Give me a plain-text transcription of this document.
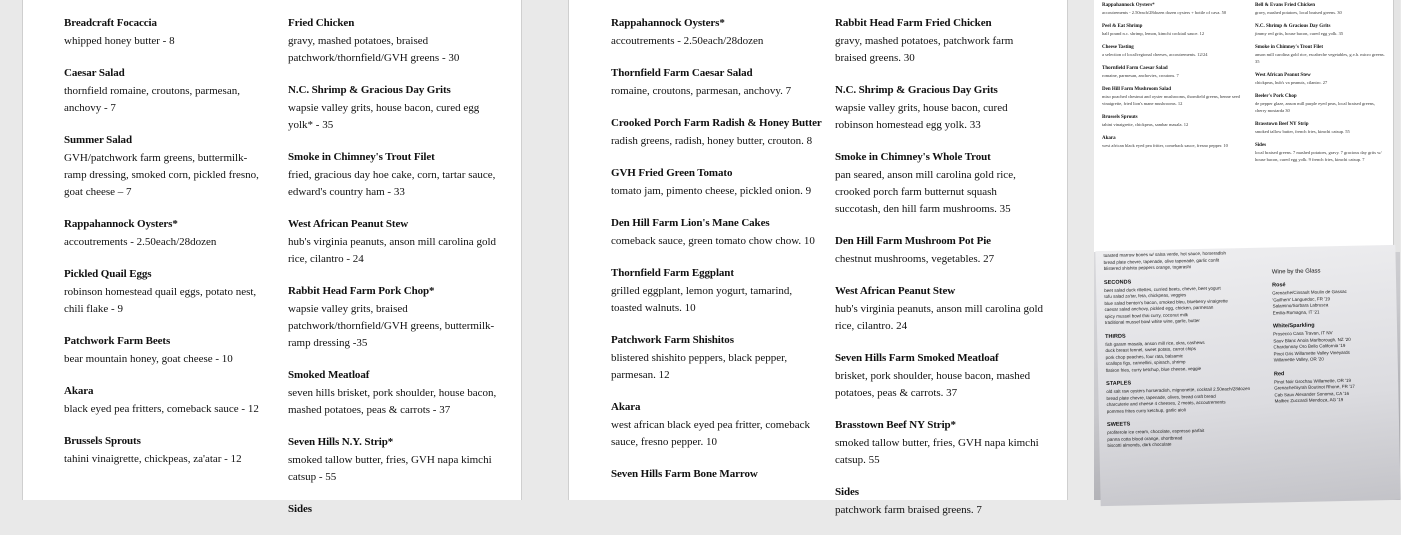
Breadcraft Focaccia
whipped honey butter - 8
Caesar Salad
thornfield romaine, croutons, parmesan, anchovy - 7
Summer Salad
GVH/patchwork farm greens, buttermilk-ramp dressing, smoked corn, pickled fresno, goat cheese – 7
Rappahannock Oysters*
accoutrements - 2.50each/28dozen
Pickled Quail Eggs
robinson homestead quail eggs, potato nest, chili flake - 9
Patchwork Farm Beets
bear mountain honey, goat cheese - 10
Akara
black eyed pea fritters, comeback sauce - 12
Brussels Sprouts
tahini vinaigrette, chickpeas, za'atar - 12
Fried Chicken
gravy, mashed potatoes, braised patchwork/thornfield/GVH greens - 30
N.C. Shrimp & Gracious Day Grits
wapsie valley grits, house bacon, cured egg yolk* - 35
Smoke in Chimney's Trout Filet
fried, gracious day hoe cake, corn, tartar sauce, edward's country ham - 33
West African Peanut Stew
hub's virginia peanuts, anson mill carolina gold rice, cilantro - 24
Rabbit Head Farm Pork Chop*
wapsie valley grits, braised patchwork/thornfield/GVH greens, buttermilk-ramp dressing -35
Smoked Meatloaf
seven hills brisket, pork shoulder, house bacon, mashed potatoes, peas & carrots - 37
Seven Hills N.Y. Strip*
smoked tallow butter, fries, GVH napa kimchi catsup - 55
Sides
Rappahannock Oysters*
accoutrements - 2.50each/28dozen
Thornfield Farm Caesar Salad
romaine, croutons, parmesan, anchovy. 7
Crooked Porch Farm Radish & Honey Butter
radish greens, radish, honey butter, crouton. 8
GVH Fried Green Tomato
tomato jam, pimento cheese, pickled onion. 9
Den Hill Farm Lion's Mane Cakes
comeback sauce, green tomato chow chow. 10
Thornfield Farm Eggplant
grilled eggplant, lemon yogurt, tamarind, toasted walnuts. 10
Patchwork Farm Shishitos
blistered shishito peppers, black pepper, parmesan. 12
Akara
west african black eyed pea fritter, comeback sauce, fresno pepper. 10
Seven Hills Farm Bone Marrow
Rabbit Head Farm Fried Chicken
gravy, mashed potatoes, patchwork farm braised greens. 30
N.C. Shrimp & Gracious Day Grits
wapsie valley grits, house bacon, cured robinson homestead egg yolk. 33
Smoke in Chimney's Whole Trout
pan seared, anson mill carolina gold rice, crooked porch farm butternut squash succotash, den hill farm mushrooms. 35
Den Hill Farm Mushroom Pot Pie
chestnut mushrooms, vegetables. 27
West African Peanut Stew
hub's virginia peanuts, anson mill carolina gold rice, cilantro. 24
Seven Hills Farm Smoked Meatloaf
brisket, pork shoulder, house bacon, mashed potatoes, peas & carrots. 37
Brasstown Beef NY Strip*
smoked tallow butter, fries, GVH napa kimchi catsup. 55
Sides
patchwork farm braised greens. 7
Rappahannock Oysters*
accoutrements - 2.50each/28dozen dozen oysters + bottle of cava. 50
Peel & Eat Shrimp
half pound n.c. shrimp, lemon, kimchi cocktail sauce. 12
Cheese Tasting
a selection of local/regional cheeses, accoutrements. 12/24
Thornfield Farm Caesar Salad
romaine, parmesan, anchovies, croutons. 7
Den Hill Farm Mushroom Salad
miso poached chestnut and oyster mushrooms, thornfield greens, benne seed vinaigrette, fried lion's mane mushrooms. 12
Brussels Sprouts
tahini vinaigrette, chickpeas, sambar masala. 12
Akara
west african black eyed pea fritter, comeback sauce, fresno pepper. 10
Bell & Evans Fried Chicken
gravy, mashed potatoes, local braised greens. 30
N.C. Shrimp & Gracious Day Grits
jimmy red grits, house bacon, cured egg yolk. 35
Smoke in Chimney's Trout Filet
anson mill carolina gold rice, escabeche vegetables, g.v.h. micro greens. 35
West African Peanut Stew
chickpeas, hub's va peanuts, cilantro. 27
Beeler's Pork Chop
de pepper glaze, anson mill purple eyed peas, local braised greens, cherry mostarda 30
Brasstown Beef NY Strip
smoked tallow butter, french fries, kimchi catsup. 55
Sides
local braised greens. 7 mashed potatoes, gravy. 7 gracious day grits w/ house bacon, cured egg yolk. 9 french fries, kimchi catsup. 7
toasted marrow bones w/ salsa verde, hot sauce, horseradish
bread plate chevre, tapenade, olive tapenade, garlic confit
blistered shishito peppers orange, togarashi
SECONDS
beet salad duck rillettes, curried beets, chevre, beet yogurt
tofu salad za'tar, feta, chickpeas, veggies
blue salad benton's bacon, smoked bleu, blueberry vinaigrette
caesar salad anchovy, pickled egg, chicken, parmesan
spicy mussel bowl thai curry, coconut milk
traditional mussel bowl white wine, garlic, butter
THIRDS
fish garam masala, anson mill rice, okra, cashews
duck breast fennel, sweet potato, carrot chips
pork chop peaches, four rata, balsamic
scallops figs, cannellini, spinach, shrimp
flatiron fries, curry ketchup, blue cheese, veggie
STAPLES
old salt raw oysters horseradish, mignonette, cocktail 2.50each/28dozen
bread plate chevre, tapenade, olives, bread craft bread
charcuterie and cheese 4 cheeses, 2 meats, accoutrements
pommes frites curry ketchup, garlic aioli
SWEETS
profiterole ice cream, chocolate, espresso parfait
panna cotta blood orange, shortbread
biscotti almonds, dark chocolate
Wine by the Glass
Rosé
Grenache/Cinsault Moulin de Gassac
'Guilhem' Languedoc, FR '19
Salamino/Sorbara Labrusca
Emilia-Romagna, IT '21
White/Sparkling
Prosecco Casa Travan, IT NV
Sauv Blanc Anoia Marlborough, NZ '20
Chardonnay Oro Bello California '19
Pinot Gris Willamette Valley Vineyards
Willamette Valley, OR '20
Red
Pinot Noir Grochau Willamette, OR '19
Grenache/Syrah Boutinot Rhone, FR '17
Cab Sauv Alexander Sonoma, CA '16
Malbec Zuccardi Mendoza, AG '19
